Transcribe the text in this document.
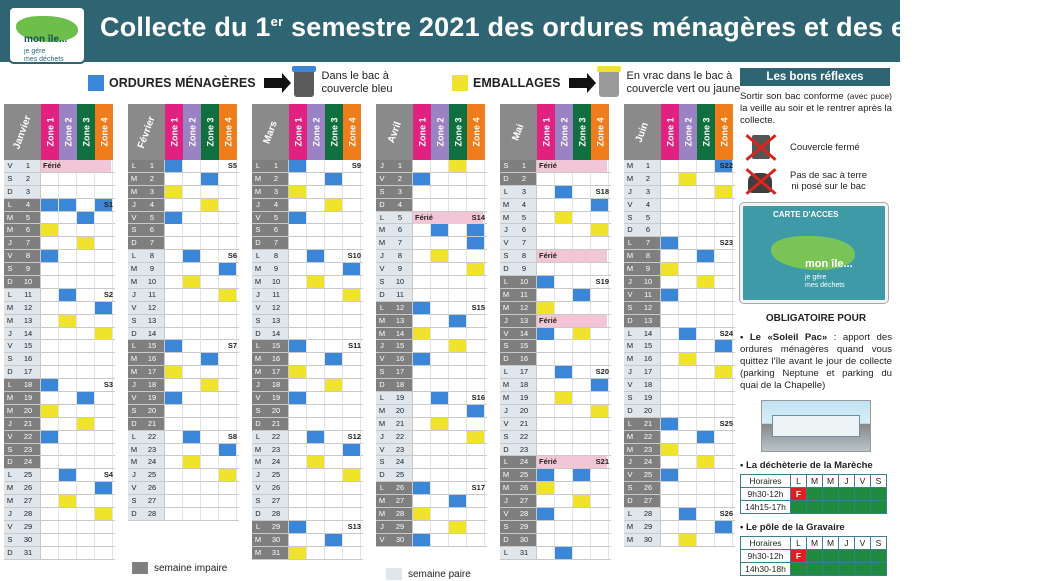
mon île...
je gère
mes déchets
Collecte du 1er semestre 2021 des ordures ménagères et des emballages
ORDURES MÉNAGÈRES	Dans le bac à
couvercle bleu	EMBALLAGES	En vrac dans le bac à
couvercle vert ou jaune
Janvier Zone 1 Zone 2 Zone 3 Zone 4
V	1	Férié
S	2
D	3
L	4	S1
M	5
M	6
J	7
V	8
S	9
D	10
L	11	S2
M	12
M	13
J	14
V	15
S	16
D	17
L	18	S3
M	19
M	20
J	21
V	22
S	23
D	24
L	25	S4
M	26
M	27
J	28
V	29
S	30
D	31
Février Zone 1 Zone 2 Zone 3 Zone 4
L	1	S5
M	2
M	3
J	4
V	5
S	6
D	7
L	8	S6
M	9
M	10
J	11
V	12
S	13
D	14
L	15	S7
M	16
M	17
J	18
V	19
S	20
D	21
L	22	S8
M	23
M	24
J	25
V	26
S	27
D	28
Mars Zone 1 Zone 2 Zone 3 Zone 4
L	1	S9
M	2
M	3
J	4
V	5
S	6
D	7
L	8	S10
M	9
M	10
J	11
V	12
S	13
D	14
L	15	S11
M	16
M	17
J	18
V	19
S	20
D	21
L	22	S12
M	23
M	24
J	25
V	26
S	27
D	28
L	29	S13
M	30
M	31
Avril Zone 1 Zone 2 Zone 3 Zone 4
J	1
V	2
S	3
D	4
L	5	Férié	S14
M	6
M	7
J	8
V	9
S	10
D	11
L	12	S15
M	13
M	14
J	15
V	16
S	17
D	18
L	19	S16
M	20
M	21
J	22
V	23
S	24
D	25
L	26	S17
M	27
M	28
J	29
V	30
Mai Zone 1 Zone 2 Zone 3 Zone 4
S	1	Férié
D	2
L	3	S18
M	4
M	5
J	6
V	7
S	8	Férié
D	9
L	10	S19
M	11
M	12
J	13	Férié
V	14
S	15
D	16
L	17	S20
M	18
M	19
J	20
V	21
S	22
D	23
L	24	Férié	S21
M	25
M	26
J	27
V	28
S	29
D	30
L	31
Juin Zone 1 Zone 2 Zone 3 Zone 4
M	1	S22
M	2
J	3
V	4
S	5
D	6
L	7	S23
M	8
M	9
J	10
V	11
S	12
D	13
L	14	S24
M	15
M	16
J	17
V	18
S	19
D	20
L	21	S25
M	22
M	23
J	24
V	25
S	26
D	27
L	28	S26
M	29
M	30
semaine impaire
semaine paire
Les bons réflexes
Sortir son bac conforme (avec puce) la veille au soir et le rentrer après la collecte.
Couvercle fermé
Pas de sac à terre
ni posé sur le bac
CARTE D'ACCES
mon île...
je gère
mes déchets
OBLIGATOIRE POUR
• Le «Soleil Pac» : apport des ordures ménagères quand vous quittez l'île avant le jour de collecte (parking Neptune et parking du quai de la Chapelle)
• La déchèterie de la Marèche
Horaires	L	M	M	J	V	S
9h30-12h	F					
14h15-17h						
• Le pôle de la Gravaire
Horaires	L	M	M	J	V	S
9h30-12h	F					
14h30-18h						
